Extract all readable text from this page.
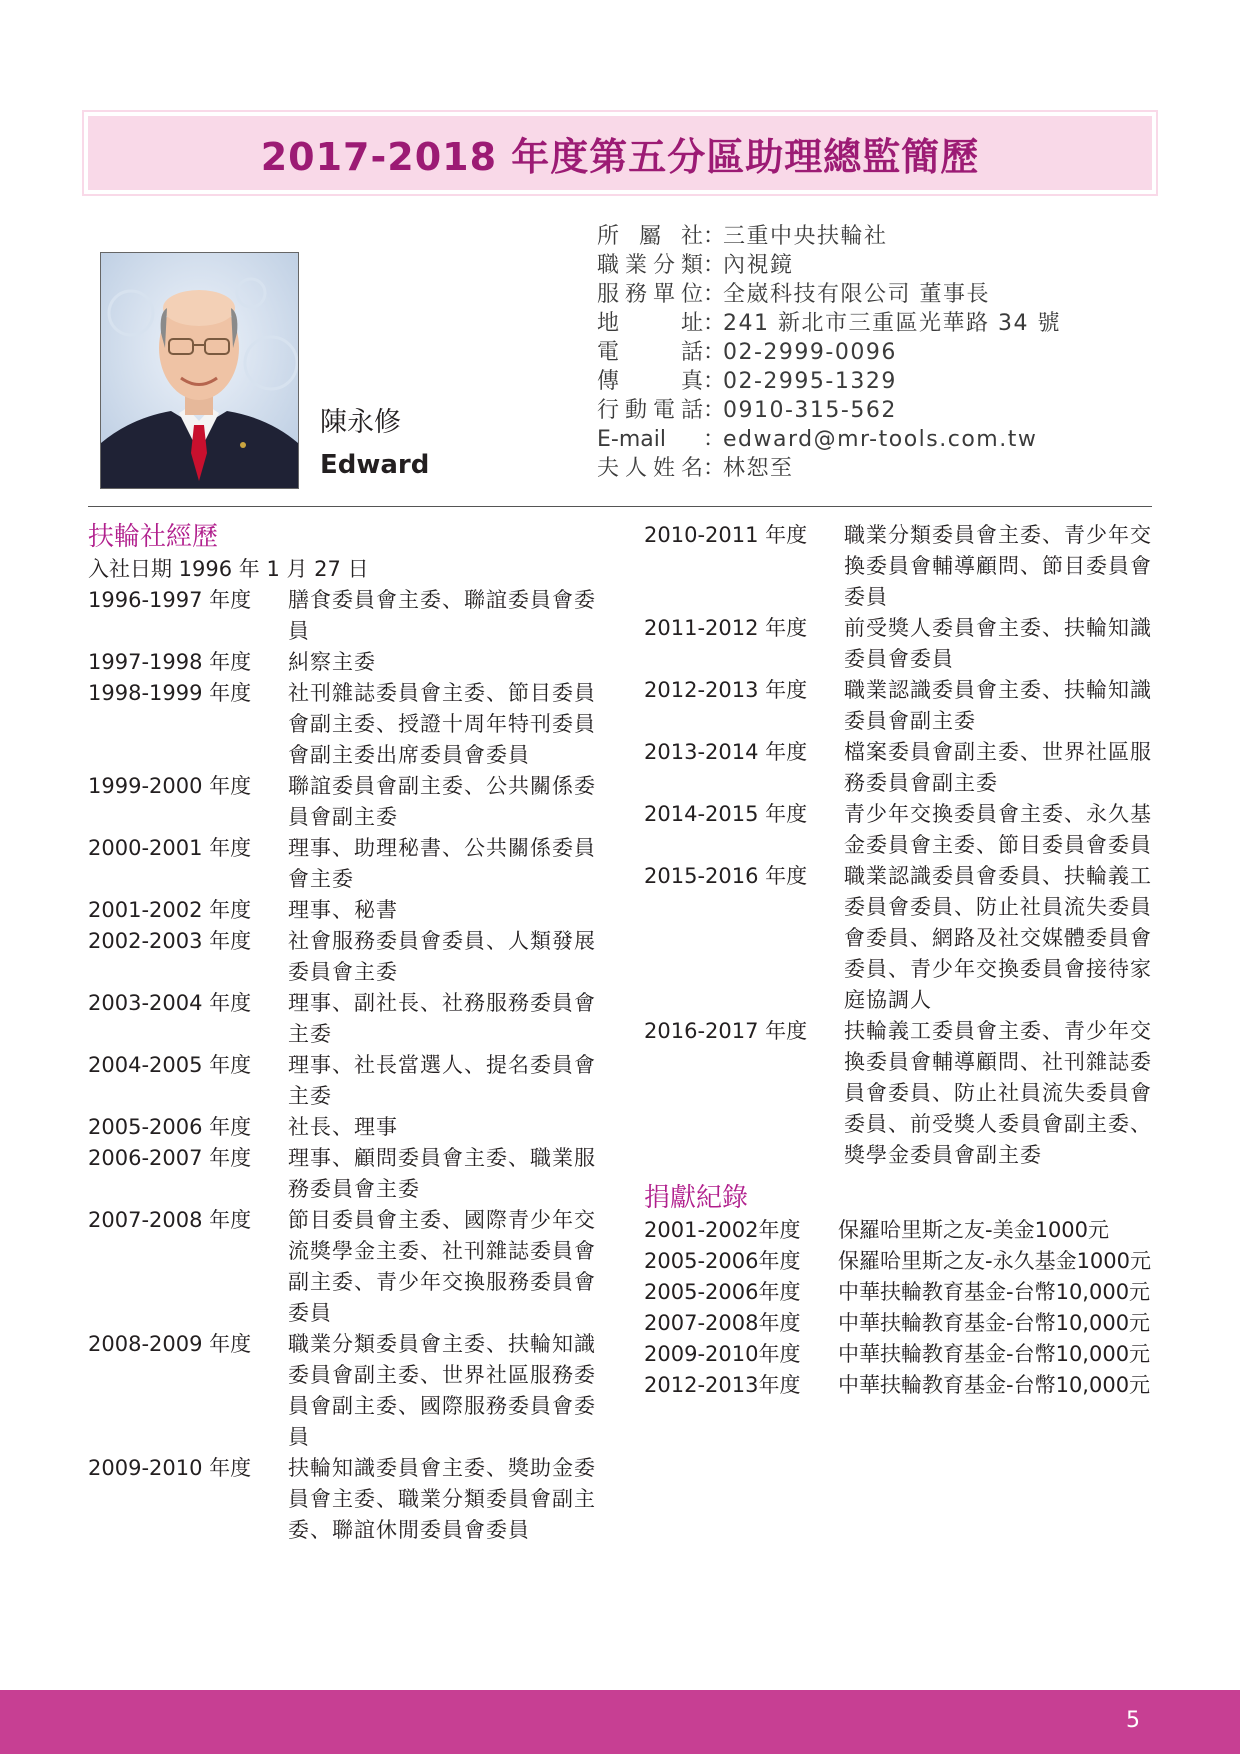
2017-2018 年度第五分區助理總監簡歷
陳永修
Edward
所屬社 ：
三重中央扶輪社
職業分類 ：
內視鏡
服務單位 ：
全崴科技有限公司 董事長
地址 ：
241 新北市三重區光華路 34 號
電話 ：
02-2999-0096
傳真 ：
02-2995-1329
行動電話 ：
0910-315-562
E-mail	：
edward@mr-tools.com.tw
夫人姓名 ：
林恕至
扶輪社經歷
入社日期 1996 年 1 月 27 日
1996-1997 年度	膳食委員會主委、聯誼委員會委員
1997-1998 年度	糾察主委
1998-1999 年度	社刊雜誌委員會主委、節目委員會副主委、授證十周年特刊委員會副主委出席委員會委員
1999-2000 年度	聯誼委員會副主委、公共關係委員會副主委
2000-2001 年度	理事、助理秘書、公共關係委員會主委
2001-2002 年度	理事、秘書
2002-2003 年度	社會服務委員會委員、人類發展委員會主委
2003-2004 年度	理事、副社長、社務服務委員會主委
2004-2005 年度	理事、社長當選人、提名委員會主委
2005-2006 年度	社長、理事
2006-2007 年度	理事、顧問委員會主委、職業服務委員會主委
2007-2008 年度	節目委員會主委、國際青少年交流獎學金主委、社刊雜誌委員會副主委、青少年交換服務委員會委員
2008-2009 年度	職業分類委員會主委、扶輪知識委員會副主委、世界社區服務委員會副主委、國際服務委員會委員
2009-2010 年度	扶輪知識委員會主委、獎助金委員會主委、職業分類委員會副主委、聯誼休閒委員會委員
2010-2011 年度	職業分類委員會主委、青少年交換委員會輔導顧問、節目委員會委員
2011-2012 年度	前受獎人委員會主委、扶輪知識委員會委員
2012-2013 年度	職業認識委員會主委、扶輪知識委員會副主委
2013-2014 年度	檔案委員會副主委、世界社區服務委員會副主委
2014-2015 年度	青少年交換委員會主委、永久基金委員會主委、節目委員會委員
2015-2016 年度	職業認識委員會委員、扶輪義工委員會委員、防止社員流失委員會委員、網路及社交媒體委員會委員、青少年交換委員會接待家庭協調人
2016-2017 年度	扶輪義工委員會主委、青少年交換委員會輔導顧問、社刊雜誌委員會委員、防止社員流失委員會委員、前受獎人委員會副主委、獎學金委員會副主委
捐獻紀錄
2001-2002年度	保羅哈里斯之友-美金1000元
2005-2006年度	保羅哈里斯之友-永久基金1000元
2005-2006年度	中華扶輪教育基金-台幣10,000元
2007-2008年度	中華扶輪教育基金-台幣10,000元
2009-2010年度	中華扶輪教育基金-台幣10,000元
2012-2013年度	中華扶輪教育基金-台幣10,000元
5
